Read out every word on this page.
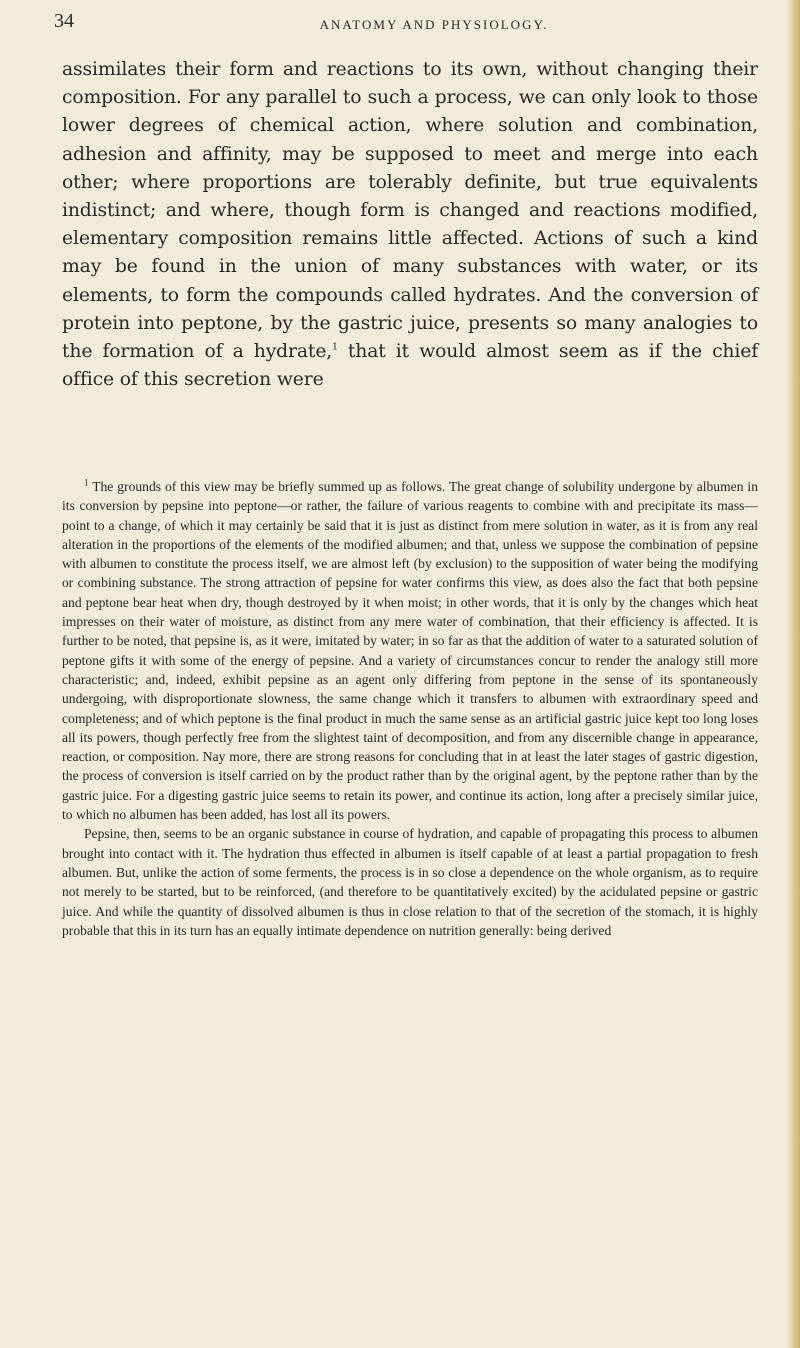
34	ANATOMY AND PHYSIOLOGY.

assimilates their form and reactions to its own, without changing their composition. For any parallel to such a process, we can only look to those lower degrees of chemical action, where solution and combination, adhesion and affinity, may be supposed to meet and merge into each other; where proportions are tolerably definite, but true equivalents indistinct; and where, though form is changed and reactions modified, elementary composition remains little affected. Actions of such a kind may be found in the union of many substances with water, or its elements, to form the compounds called hydrates. And the conversion of protein into peptone, by the gastric juice, presents so many analogies to the formation of a hydrate,$^1$ that it would almost seem as if the chief office of this secretion were

$^1$ The grounds of this view may be briefly summed up as follows. The great change of solubility undergone by albumen in its conversion by pepsine into peptone—or rather, the failure of various reagents to combine with and precipitate its mass—point to a change, of which it may certainly be said that it is just as distinct from mere solution in water, as it is from any real alteration in the proportions of the elements of the modified albumen; and that, unless we suppose the combination of pepsine with albumen to constitute the process itself, we are almost left (by exclusion) to the supposition of water being the modifying or combining substance. The strong attraction of pepsine for water confirms this view, as does also the fact that both pepsine and peptone bear heat when dry, though destroyed by it when moist; in other words, that it is only by the changes which heat impresses on their water of moisture, as distinct from any mere water of combination, that their efficiency is affected. It is further to be noted, that pepsine is, as it were, imitated by water; in so far as that the addition of water to a saturated solution of peptone gifts it with some of the energy of pepsine. And a variety of circumstances concur to render the analogy still more characteristic; and, indeed, exhibit pepsine as an agent only differing from peptone in the sense of its spontaneously undergoing, with disproportionate slowness, the same change which it transfers to albumen with extraordinary speed and completeness; and of which peptone is the final product in much the same sense as an artificial gastric juice kept too long loses all its powers, though perfectly free from the slightest taint of decomposition, and from any discernible change in appearance, reaction, or composition. Nay more, there are strong reasons for concluding that in at least the later stages of gastric digestion, the process of conversion is itself carried on by the product rather than by the original agent, by the peptone rather than by the gastric juice. For a digesting gastric juice seems to retain its power, and continue its action, long after a precisely similar juice, to which no albumen has been added, has lost all its powers.

Pepsine, then, seems to be an organic substance in course of hydration, and capable of propagating this process to albumen brought into contact with it. The hydration thus effected in albumen is itself capable of at least a partial propagation to fresh albumen. But, unlike the action of some ferments, the process is in so close a dependence on the whole organism, as to require not merely to be started, but to be reinforced, (and therefore to be quantitatively excited) by the acidulated pepsine or gastric juice. And while the quantity of dissolved albumen is thus in close relation to that of the secretion of the stomach, it is highly probable that this in its turn has an equally intimate dependence on nutrition generally: being derived
